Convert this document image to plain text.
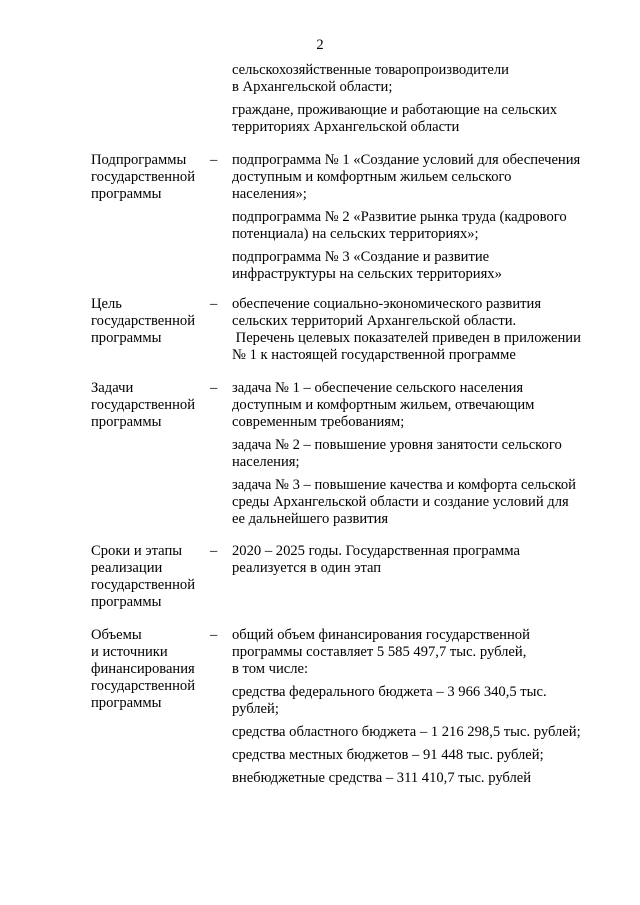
2
сельскохозяйственные товаропроизводители
в Архангельской области;
граждане, проживающие и работающие на сельских
территориях Архангельской области
Подпрограммы
государственной
программы
–	подпрограмма № 1 «Создание условий для обеспечения
доступным и комфортным жильем сельского
населения»;
подпрограмма № 2 «Развитие рынка труда (кадрового
потенциала) на сельских территориях»;
подпрограмма № 3 «Создание и развитие
инфраструктуры на сельских территориях»
Цель
государственной
программы
–	обеспечение социально-экономического развития
сельских территорий Архангельской области.
Перечень целевых показателей приведен в приложении
№ 1 к настоящей государственной программе
Задачи
государственной
программы
–	задача № 1 – обеспечение сельского населения
доступным и комфортным жильем, отвечающим
современным требованиям;
задача № 2 – повышение уровня занятости сельского
населения;
задача № 3 – повышение качества и комфорта сельской
среды Архангельской области и создание условий для
ее дальнейшего развития
Сроки и этапы
реализации
государственной
программы
–	2020 – 2025 годы. Государственная программа
реализуется в один этап
Объемы
и источники
финансирования
государственной
программы
–	общий объем финансирования государственной
программы составляет 5 585 497,7 тыс. рублей,
в том числе:
средства федерального бюджета – 3 966 340,5 тыс.
рублей;
средства областного бюджета – 1 216 298,5 тыс. рублей;
средства местных бюджетов – 91 448 тыс. рублей;
внебюджетные средства – 311 410,7 тыс. рублей
